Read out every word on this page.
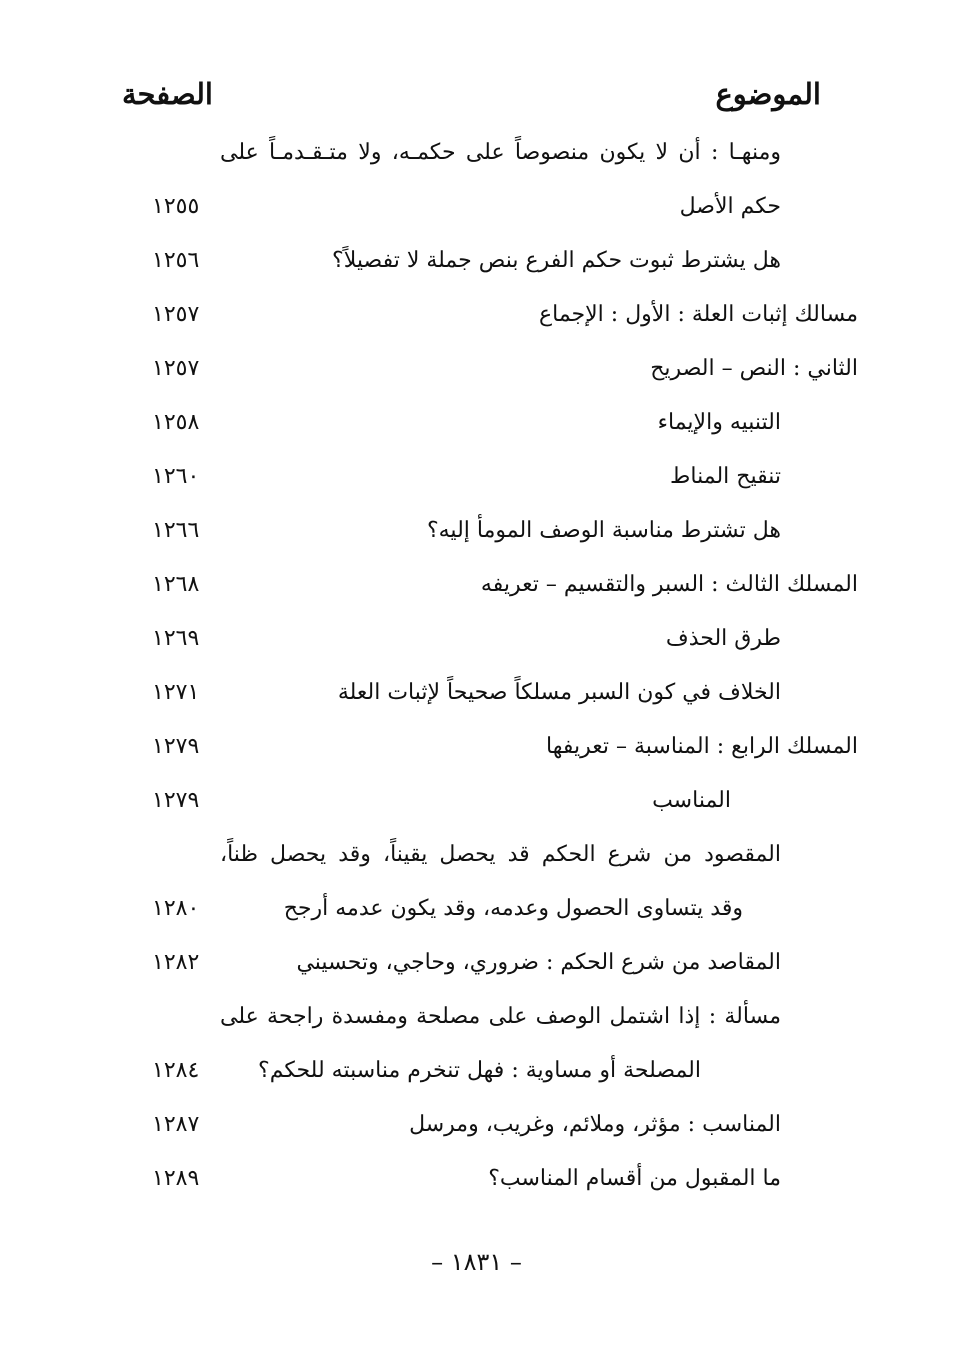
الموضوع
الصفحة
ومنهـا : أن لا يكون منصوصاً على حكمـه، ولا متـقـدمـاً على
حكم الأصل
١٢٥٥
هل يشترط ثبوت حكم الفرع بنص جملة لا تفصيلاً؟
١٢٥٦
مسالك إثبات العلة : الأول : الإجماع
١٢٥٧
الثاني : النص – الصريح
١٢٥٧
التنبيه والإيماء
١٢٥٨
تنقيح المناط
١٢٦٠
هل تشترط مناسبة الوصف المومأ إليه؟
١٢٦٦
المسلك الثالث : السبر والتقسيم – تعريفه
١٢٦٨
طرق الحذف
١٢٦٩
الخلاف في كون السبر مسلكاً صحيحاً لإثبات العلة
١٢٧١
المسلك الرابع : المناسبة – تعريفها
١٢٧٩
المناسب
١٢٧٩
المقصود من شرع الحكم قد يحصل يقيناً، وقد يحصل ظناً،
وقد يتساوى الحصول وعدمه، وقد يكون عدمه أرجح
١٢٨٠
المقاصد من شرع الحكم : ضروري، وحاجي، وتحسيني
١٢٨٢
مسألة : إذا اشتمل الوصف على مصلحة ومفسدة راجحة على
المصلحة أو مساوية : فهل تنخرم مناسبته للحكم؟
١٢٨٤
المناسب : مؤثر، وملائم، وغريب، ومرسل
١٢٨٧
ما المقبول من أقسام المناسب؟
١٢٨٩
– ١٨٣١ –
